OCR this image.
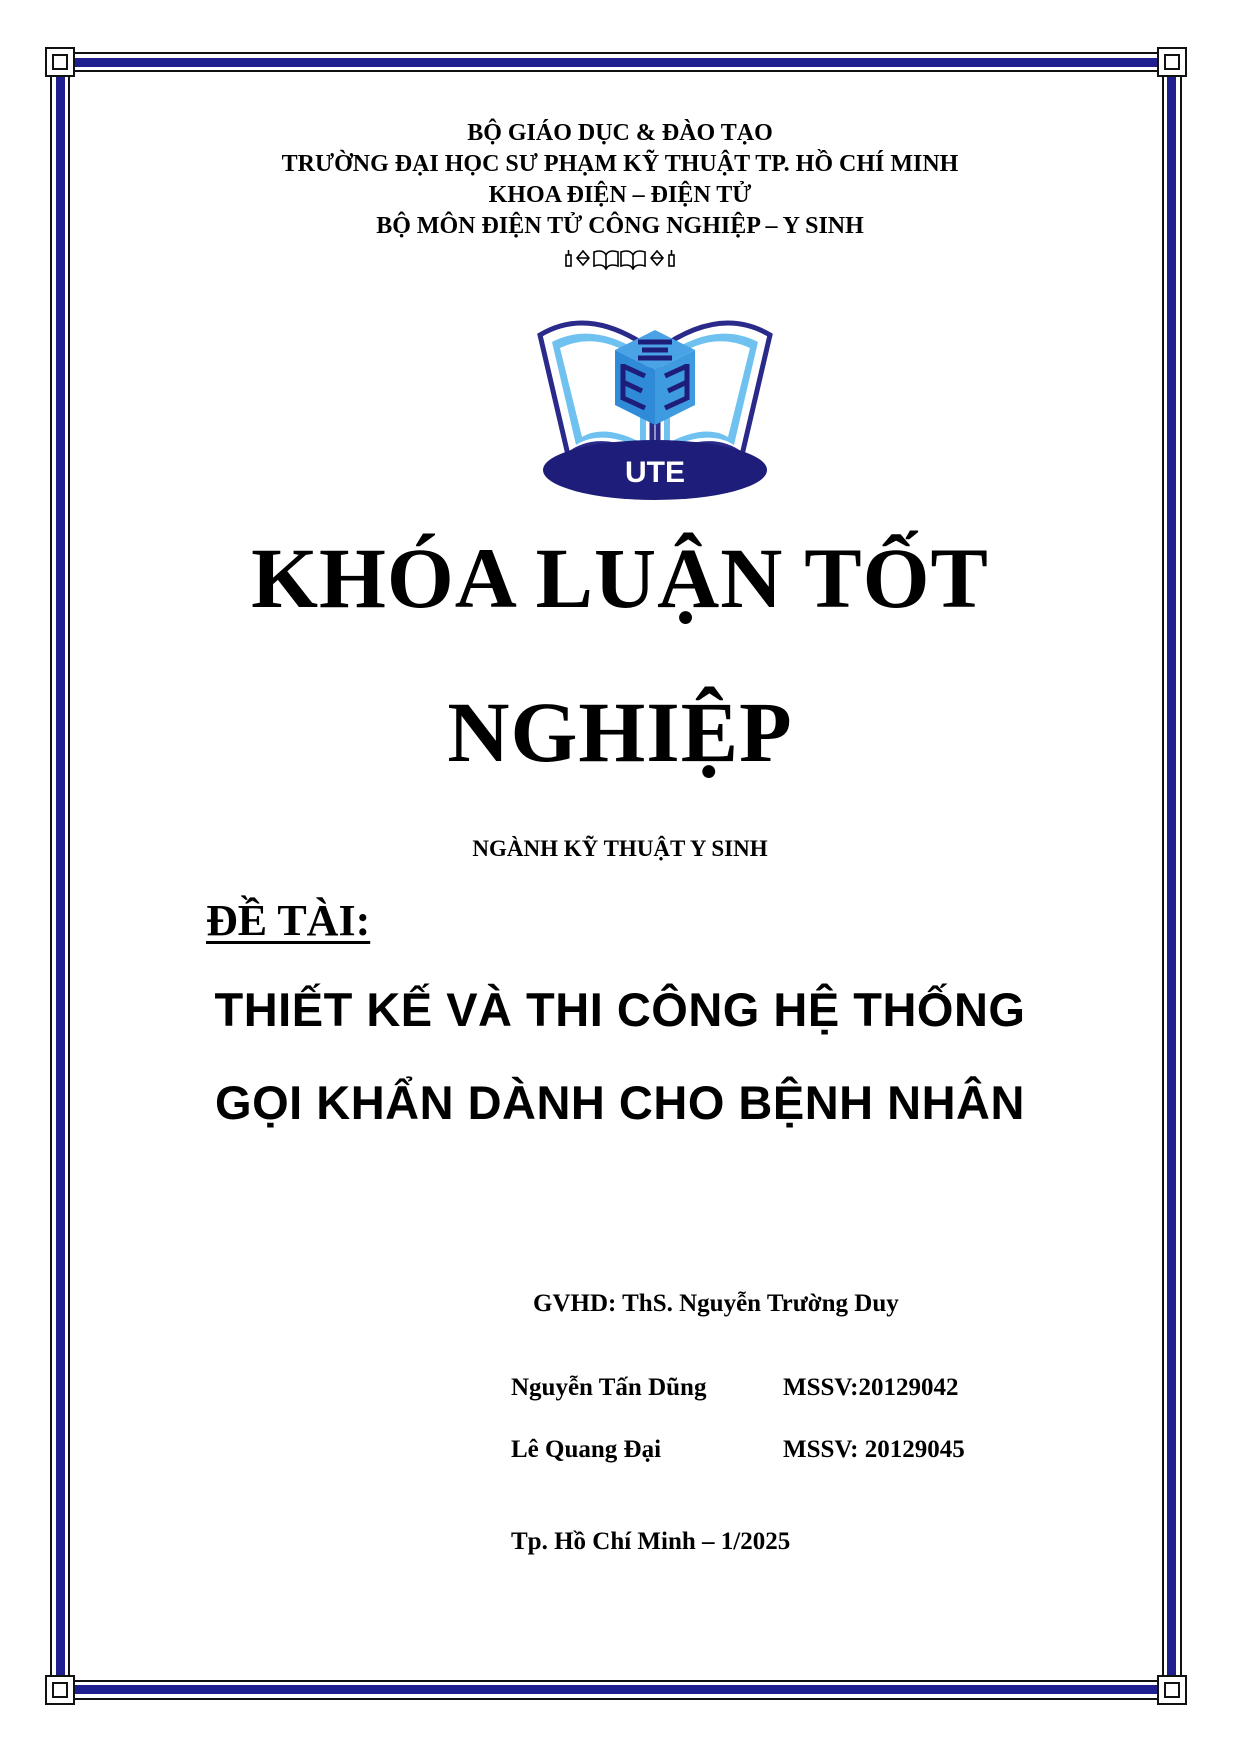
BỘ GIÁO DỤC & ĐÀO TẠO
TRƯỜNG ĐẠI HỌC SƯ PHẠM KỸ THUẬT TP. HỒ CHÍ MINH
KHOA ĐIỆN – ĐIỆN TỬ
BỘ MÔN ĐIỆN TỬ CÔNG NGHIỆP – Y SINH
UTE
KHÓA LUẬN TỐT
NGHIỆP
NGÀNH KỸ THUẬT Y SINH
ĐỀ TÀI:
THIẾT KẾ VÀ THI CÔNG HỆ THỐNG
GỌI KHẨN DÀNH CHO BỆNH NHÂN
GVHD: ThS. Nguyễn Trường Duy
Nguyễn Tấn Dũng	MSSV:20129042
Lê Quang Đại	MSSV: 20129045
Tp. Hồ Chí Minh – 1/2025
